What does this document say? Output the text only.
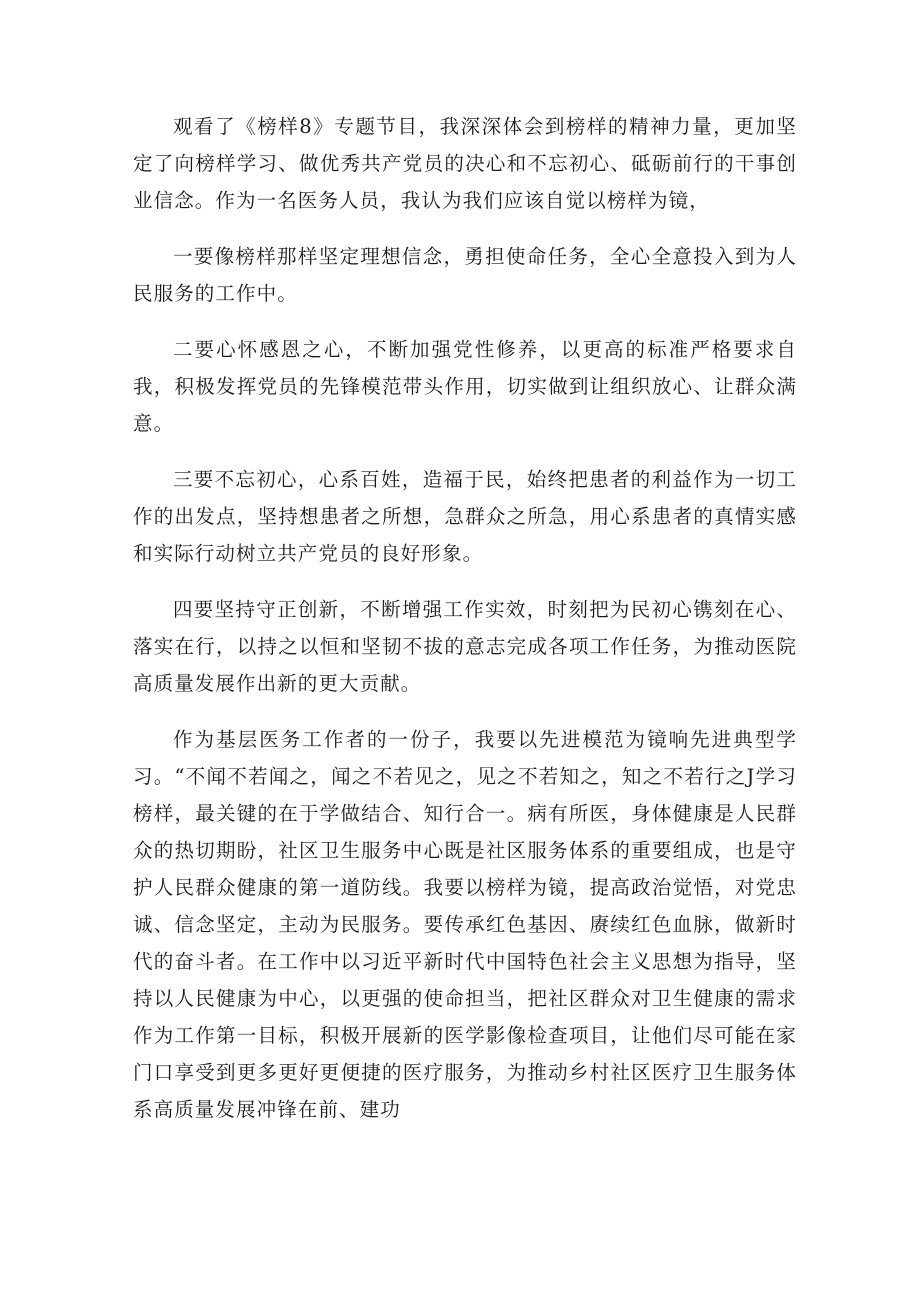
观看了《榜样8》专题节目，我深深体会到榜样的精神力量，更加坚定了向榜样学习、做优秀共产党员的决心和不忘初心、砥砺前行的干事创业信念。作为一名医务人员，我认为我们应该自觉以榜样为镜，

一要像榜样那样坚定理想信念，勇担使命任务，全心全意投入到为人民服务的工作中。

二要心怀感恩之心，不断加强党性修养，以更高的标准严格要求自我，积极发挥党员的先锋模范带头作用，切实做到让组织放心、让群众满意。

三要不忘初心，心系百姓，造福于民，始终把患者的利益作为一切工作的出发点，坚持想患者之所想，急群众之所急，用心系患者的真情实感和实际行动树立共产党员的良好形象。

四要坚持守正创新，不断增强工作实效，时刻把为民初心镌刻在心、落实在行，以持之以恒和坚韧不拔的意志完成各项工作任务，为推动医院高质量发展作出新的更大贡献。

作为基层医务工作者的一份子，我要以先进模范为镜响先进典型学习。“不闻不若闻之，闻之不若见之，见之不若知之，知之不若行之J学习榜样，最关键的在于学做结合、知行合一。病有所医，身体健康是人民群众的热切期盼，社区卫生服务中心既是社区服务体系的重要组成，也是守护人民群众健康的第一道防线。我要以榜样为镜，提高政治觉悟，对党忠诚、信念坚定，主动为民服务。要传承红色基因、赓续红色血脉，做新时代的奋斗者。在工作中以习近平新时代中国特色社会主义思想为指导，坚持以人民健康为中心，以更强的使命担当，把社区群众对卫生健康的需求作为工作第一目标，积极开展新的医学影像检查项目，让他们尽可能在家门口享受到更多更好更便捷的医疗服务，为推动乡村社区医疗卫生服务体系高质量发展冲锋在前、建功
